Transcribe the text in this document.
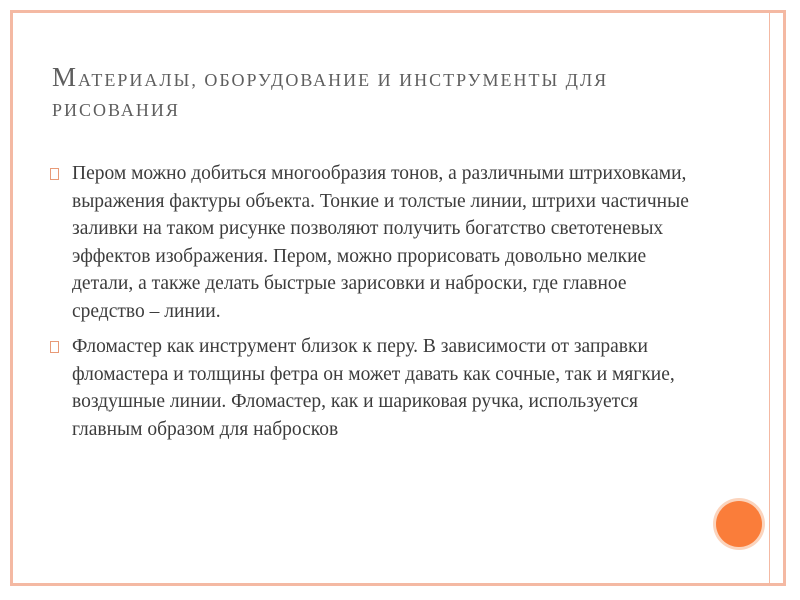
МАТЕРИАЛЫ, ОБОРУДОВАНИЕ И ИНСТРУМЕНТЫ ДЛЯ РИСОВАНИЯ
Пером можно добиться многообразия тонов, а различными штриховками, выражения фактуры объекта. Тонкие и толстые линии, штрихи частичные заливки на таком рисунке позволяют получить богатство светотеневых эффектов изображения. Пером, можно прорисовать довольно мелкие детали, а также делать быстрые зарисовки и наброски, где главное средство – линии.
Фломастер как инструмент близок к перу. В зависимости от заправки фломастера и толщины фетра он может давать как сочные, так и мягкие, воздушные линии. Фломастер, как и шариковая ручка, используется главным образом для набросков
